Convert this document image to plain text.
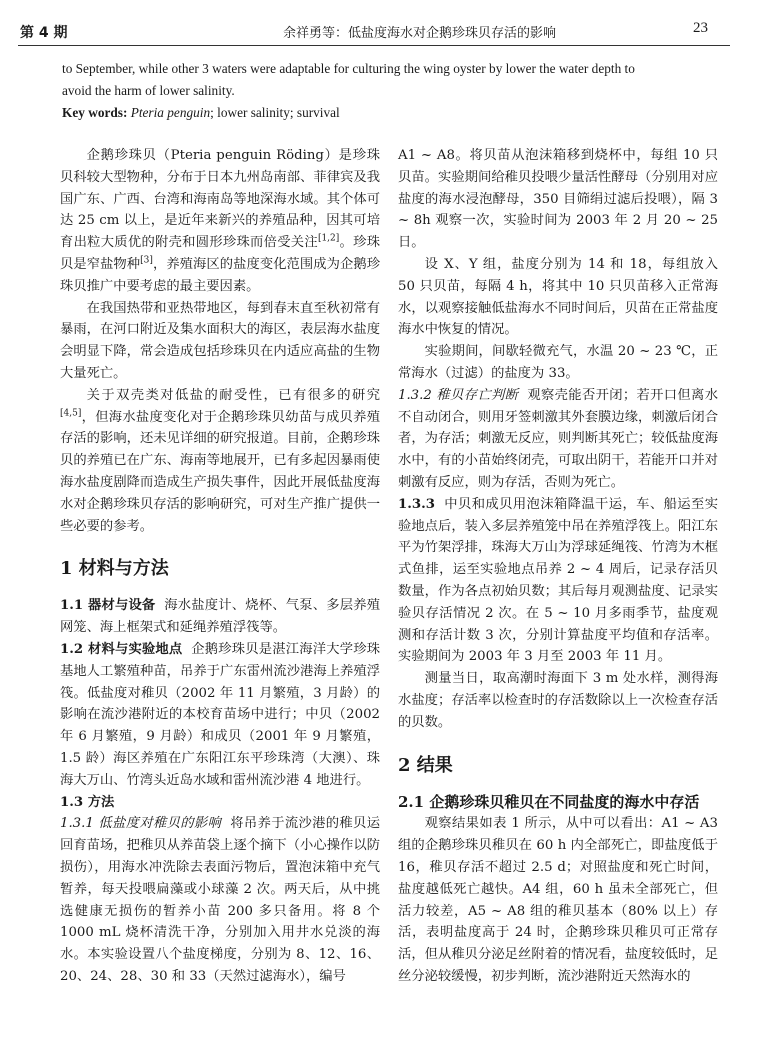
第 4 期	余祥勇等：低盐度海水对企鹅珍珠贝存活的影响	23
to September, while other 3 waters were adaptable for culturing the wing oyster by lower the water depth to
avoid the harm of lower salinity.
Key words: Pteria penguin; lower salinity; survival

企鹅珍珠贝（Pteria penguin Röding）是珍珠贝科较大型物种，分布于日本九州岛南部、菲律宾及我国广东、广西、台湾和海南岛等地深海水域。其个体可达 25 cm 以上，是近年来新兴的养殖品种，因其可培育出粒大质优的附壳和圆形珍珠而倍受关注[1,2]。珍珠贝是窄盐物种[3]，养殖海区的盐度变化范围成为企鹅珍珠贝推广中要考虑的最主要因素。

在我国热带和亚热带地区，每到春末直至秋初常有暴雨，在河口附近及集水面积大的海区，表层海水盐度会明显下降，常会造成包括珍珠贝在内适应高盐的生物大量死亡。

关于双壳类对低盐的耐受性，已有很多的研究[4,5]，但海水盐度变化对于企鹅珍珠贝幼苗与成贝养殖存活的影响，还未见详细的研究报道。目前，企鹅珍珠贝的养殖已在广东、海南等地展开，已有多起因暴雨使海水盐度剧降而造成生产损失事件，因此开展低盐度海水对企鹅珍珠贝存活的影响研究，可对生产推广提供一些必要的参考。

1 材料与方法

1.1 器材与设备 海水盐度计、烧杯、气泵、多层养殖网笼、海上框架式和延绳养殖浮筏等。

1.2 材料与实验地点 企鹅珍珠贝是湛江海洋大学珍珠基地人工繁殖种苗，吊养于广东雷州流沙港海上养殖浮筏。低盐度对稚贝（2002 年 11 月繁殖，3 月龄）的影响在流沙港附近的本校育苗场中进行；中贝（2002 年 6 月繁殖，9 月龄）和成贝（2001 年 9 月繁殖，1.5 龄）海区养殖在广东阳江东平珍珠湾（大澳）、珠海大万山、竹湾头近岛水域和雷州流沙港 4 地进行。

1.3 方法

1.3.1 低盐度对稚贝的影响 将吊养于流沙港的稚贝运回育苗场，把稚贝从养苗袋上逐个摘下（小心操作以防损伤），用海水冲洗除去表面污物后，置泡沫箱中充气暂养，每天投喂扁藻或小球藻 2 次。两天后，从中挑选健康无损伤的暂养小苗 200 多只备用。将 8 个 1000 mL 烧杯清洗干净，分别加入用井水兑淡的海水。本实验设置八个盐度梯度，分别为 8、12、16、20、24、28、30 和 33（天然过滤海水），编号

A1 ~ A8。将贝苗从泡沫箱移到烧杯中，每组 10 只贝苗。实验期间给稚贝投喂少量活性酵母（分别用对应盐度的海水浸泡酵母，350 目筛绢过滤后投喂），隔 3 ~ 8h 观察一次，实验时间为 2003 年 2 月 20 ~ 25 日。

设 X、Y 组，盐度分别为 14 和 18，每组放入 50 只贝苗，每隔 4 h，将其中 10 只贝苗移入正常海水，以观察接触低盐海水不同时间后，贝苗在正常盐度海水中恢复的情况。

实验期间，间歇轻微充气，水温 20 ~ 23 ℃，正常海水（过滤）的盐度为 33。

1.3.2 稚贝存亡判断 观察壳能否开闭；若开口但离水不自动闭合，则用牙签刺激其外套膜边缘，刺激后闭合者，为存活；刺激无反应，则判断其死亡；较低盐度海水中，有的小苗始终闭壳，可取出阴干，若能开口并对刺激有反应，则为存活，否则为死亡。

1.3.3 中贝和成贝用泡沫箱降温干运，车、船运至实验地点后，装入多层养殖笼中吊在养殖浮筏上。阳江东平为竹架浮排，珠海大万山为浮球延绳筏、竹湾为木框式鱼排，运至实验地点吊养 2 ~ 4 周后，记录存活贝数量，作为各点初始贝数；其后每月观测盐度、记录实验贝存活情况 2 次。在 5 ~ 10 月多雨季节，盐度观测和存活计数 3 次，分别计算盐度平均值和存活率。实验期间为 2003 年 3 月至 2003 年 11 月。

测量当日，取高潮时海面下 3 m 处水样，测得海水盐度；存活率以检查时的存活数除以上一次检查存活的贝数。

2 结果

2.1 企鹅珍珠贝稚贝在不同盐度的海水中存活

观察结果如表 1 所示，从中可以看出：A1 ~ A3 组的企鹅珍珠贝稚贝在 60 h 内全部死亡，即盐度低于 16，稚贝存活不超过 2.5 d；对照盐度和死亡时间，盐度越低死亡越快。A4 组，60 h 虽未全部死亡，但活力较差，A5 ~ A8 组的稚贝基本（80% 以上）存活，表明盐度高于 24 时，企鹅珍珠贝稚贝可正常存活，但从稚贝分泌足丝附着的情况看，盐度较低时，足丝分泌较缓慢，初步判断，流沙港附近天然海水的
